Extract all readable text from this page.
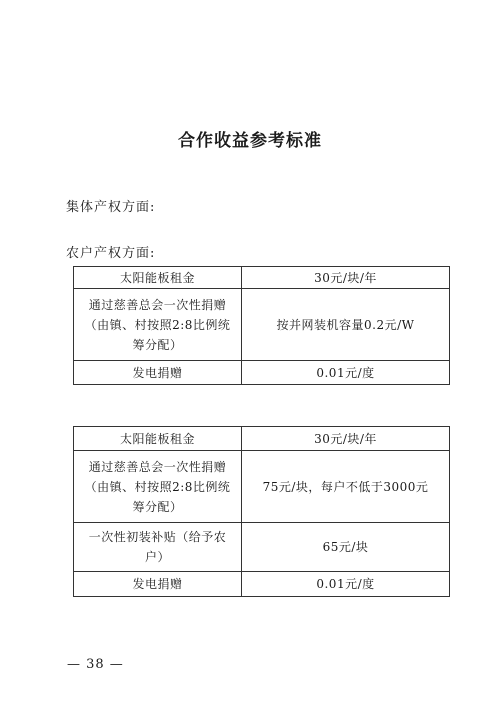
合作收益参考标准
集体产权方面:
农户产权方面:
太阳能板租金	30元/块/年

通过慈善总会一次性捐赠
（由镇、村按照2:8比例统
筹分配）	按并网装机容量0.2元/W
发电捐赠	0.01元/度
太阳能板租金	30元/块/年

通过慈善总会一次性捐赠
（由镇、村按照2:8比例统
筹分配）	75元/块，每户不低于3000元

一次性初装补贴（给予农
户）	65元/块
发电捐赠	0.01元/度
— 38 —
